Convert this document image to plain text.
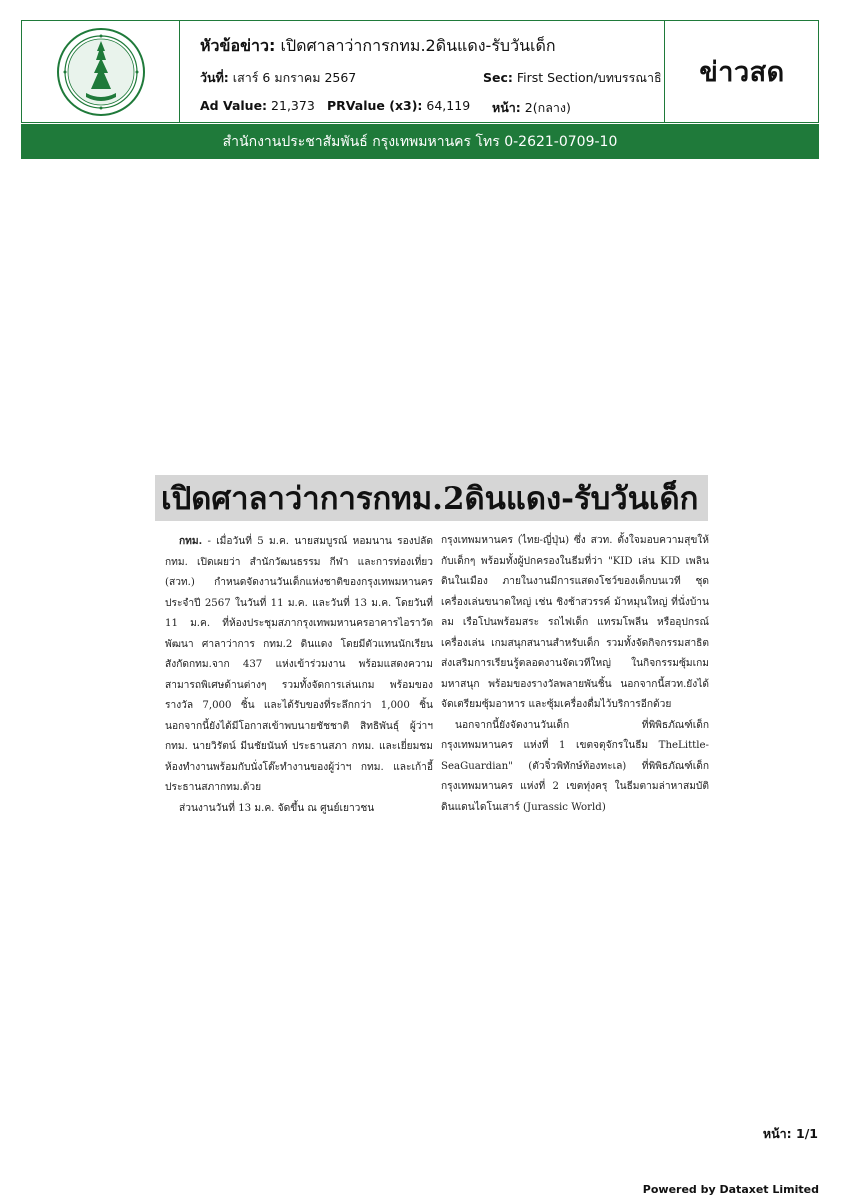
หัวข้อข่าว: เปิดศาลาว่าการกทม.2ดินแดง-รับวันเด็ก
วันที่: เสาร์ 6 มกราคม 2567	Sec: First Section/บทบรรณาธิ
Ad Value: 21,373 PRValue (x3): 64,119 หน้า: 2(กลาง)
ข่าวสด
สำนักงานประชาสัมพันธ์ กรุงเทพมหานคร โทร 0-2621-0709-10
เปิดศาลาว่าการกทม.2ดินแดง-รับวันเด็ก

กทม. - เมื่อวันที่ 5 ม.ค. นายสมบูรณ์ หอมนาน รองปลัด กทม. เปิดเผยว่า สำนักวัฒนธรรม กีฬา และการท่องเที่ยว (สวท.) กำหนดจัดงานวันเด็กแห่งชาติของกรุงเทพมหานคร ประจำปี 2567 ในวันที่ 11 ม.ค. และวันที่ 13 ม.ค. โดยวันที่ 11 ม.ค. ที่ห้องประชุมสภากรุงเทพมหานครอาคารไอราวัตพัฒนา ศาลาว่าการ กทม.2 ดินแดง โดยมีตัวแทนนักเรียนสังกัดกทม.จาก 437 แห่งเข้าร่วมงาน พร้อมแสดงความสามารถพิเศษด้านต่างๆ รวมทั้งจัดการเล่นเกม พร้อมของรางวัล 7,000 ชิ้น และได้รับของที่ระลึกกว่า 1,000 ชิ้น นอกจากนี้ยังได้มีโอกาสเข้าพบนายชัชชาติ สิทธิพันธุ์ ผู้ว่าฯ กทม. นายวิรัตน์ มีนชัยนันท์ ประธานสภา กทม. และเยี่ยมชมห้องทำงานพร้อมกับนั่งโต๊ะทำงานของผู้ว่าฯ กทม. และเก้าอี้ประธานสภากทม.ด้วย

ส่วนงานวันที่ 13 ม.ค. จัดขึ้น ณ ศูนย์เยาวชน

กรุงเทพมหานคร (ไทย-ญี่ปุ่น) ซึ่ง สวท. ตั้งใจมอบความสุขให้กับเด็กๆ พร้อมทั้งผู้ปกครองในธีมที่ว่า "KID เล่น KID เพลินดินในเมือง ภายในงานมีการแสดงโชว์ของเด็กบนเวที ชุดเครื่องเล่นขนาดใหญ่ เช่น ชิงช้าสวรรค์ ม้าหมุนใหญ่ ที่นั่งบ้านลม เรือโปนพร้อมสระ รถไฟเด็ก แทรมโพลีน หรืออุปกรณ์เครื่องเล่น เกมสนุกสนานสำหรับเด็ก รวมทั้งจัดกิจกรรมสาธิตส่งเสริมการเรียนรู้ตลอดงานจัดเวทีใหญ่ ในกิจกรรมซุ้มเกมมหาสนุก พร้อมของรางวัลพลายพันชิ้น นอกจากนี้สวท.ยังได้จัดเตรียมซุ้มอาหาร และซุ้มเครื่องดื่มไว้บริการอีกด้วย

นอกจากนี้ยังจัดงานวันเด็ก ที่พิพิธภัณฑ์เด็กกรุงเทพมหานคร แห่งที่ 1 เขตจตุจักรในธีม TheLittle-SeaGuardian" (ตัวจิ๋วพิทักษ์ท้องทะเล) ที่พิพิธภัณฑ์เด็กกรุงเทพมหานคร แห่งที่ 2 เขตทุ่งครุ ในธีมตามล่าหาสมบัติ ดินแดนไดโนเสาร์ (Jurassic World)

หน้า: 1/1
Powered by Dataxet Limited
